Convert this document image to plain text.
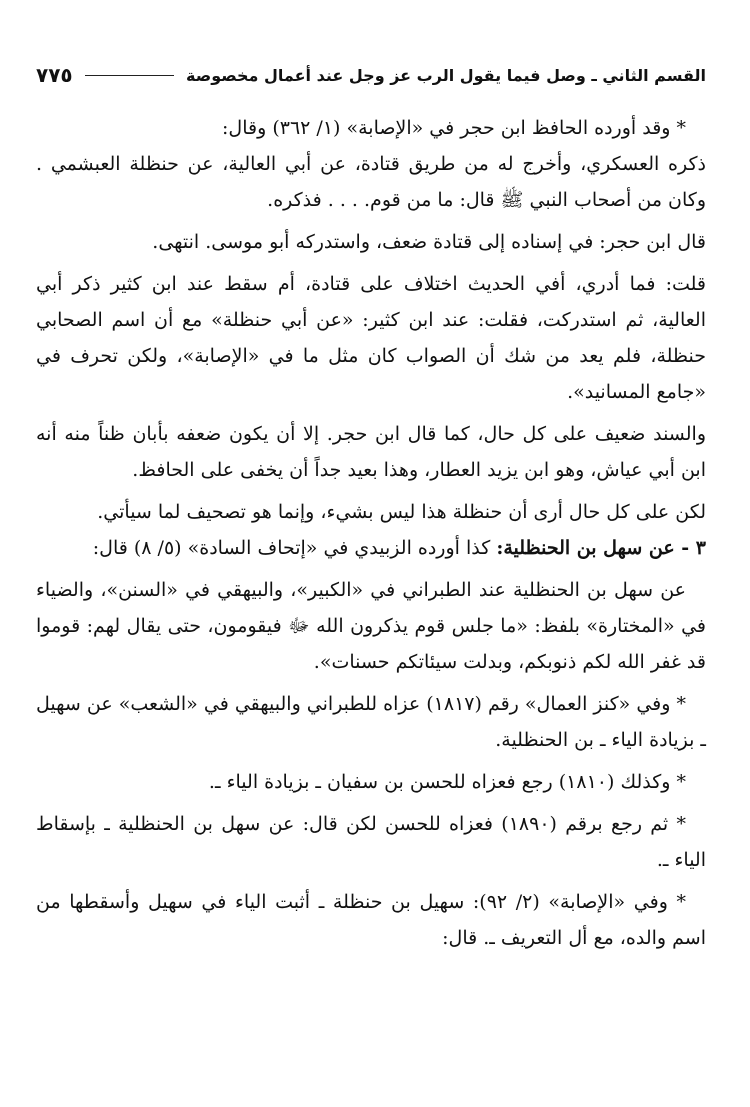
القسم الثاني ـ وصل فيما يقول الرب عز وجل عند أعمال مخصوصة
٧٧٥

* وقد أورده الحافظ ابن حجر في «الإصابة» (١/ ٣٦٢) وقال:

ذكره العسكري، وأخرج له من طريق قتادة، عن أبي العالية، عن حنظلة العبشمي . وكان من أصحاب النبي ﷺ قال: ما من قوم. . . . فذكره.

قال ابن حجر: في إسناده إلى قتادة ضعف، واستدركه أبو موسى. انتهى.

قلت: فما أدري، أفي الحديث اختلاف على قتادة، أم سقط عند ابن كثير ذكر أبي العالية، ثم استدركت، فقلت: عند ابن كثير: «عن أبي حنظلة» مع أن اسم الصحابي حنظلة، فلم يعد من شك أن الصواب كان مثل ما في «الإصابة»، ولكن تحرف في «جامع المسانيد».

والسند ضعيف على كل حال، كما قال ابن حجر. إلا أن يكون ضعفه بأبان ظناً منه أنه ابن أبي عياش، وهو ابن يزيد العطار، وهذا بعيد جداً أن يخفى على الحافظ.

لكن على كل حال أرى أن حنظلة هذا ليس بشيء، وإنما هو تصحيف لما سيأتي.

٣ - عن سهل بن الحنظلية: كذا أورده الزبيدي في «إتحاف السادة» (٥/ ٨) قال:

عن سهل بن الحنظلية عند الطبراني في «الكبير»، والبيهقي في «السنن»، والضياء في «المختارة» بلفظ: «ما جلس قوم يذكرون الله ﷻ فيقومون، حتى يقال لهم: قوموا قد غفر الله لكم ذنوبكم، وبدلت سيئاتكم حسنات».

* وفي «كنز العمال» رقم (١٨١٧) عزاه للطبراني والبيهقي في «الشعب» عن سهيل ـ بزيادة الياء ـ بن الحنظلية.

* وكذلك (١٨١٠) رجع فعزاه للحسن بن سفيان ـ بزيادة الياء ـ.

* ثم رجع برقم (١٨٩٠) فعزاه للحسن لكن قال: عن سهل بن الحنظلية ـ بإسقاط الياء ـ.

* وفي «الإصابة» (٢/ ٩٢): سهيل بن حنظلة ـ أثبت الياء في سهيل وأسقطها من اسم والده، مع أل التعريف ـ. قال:
